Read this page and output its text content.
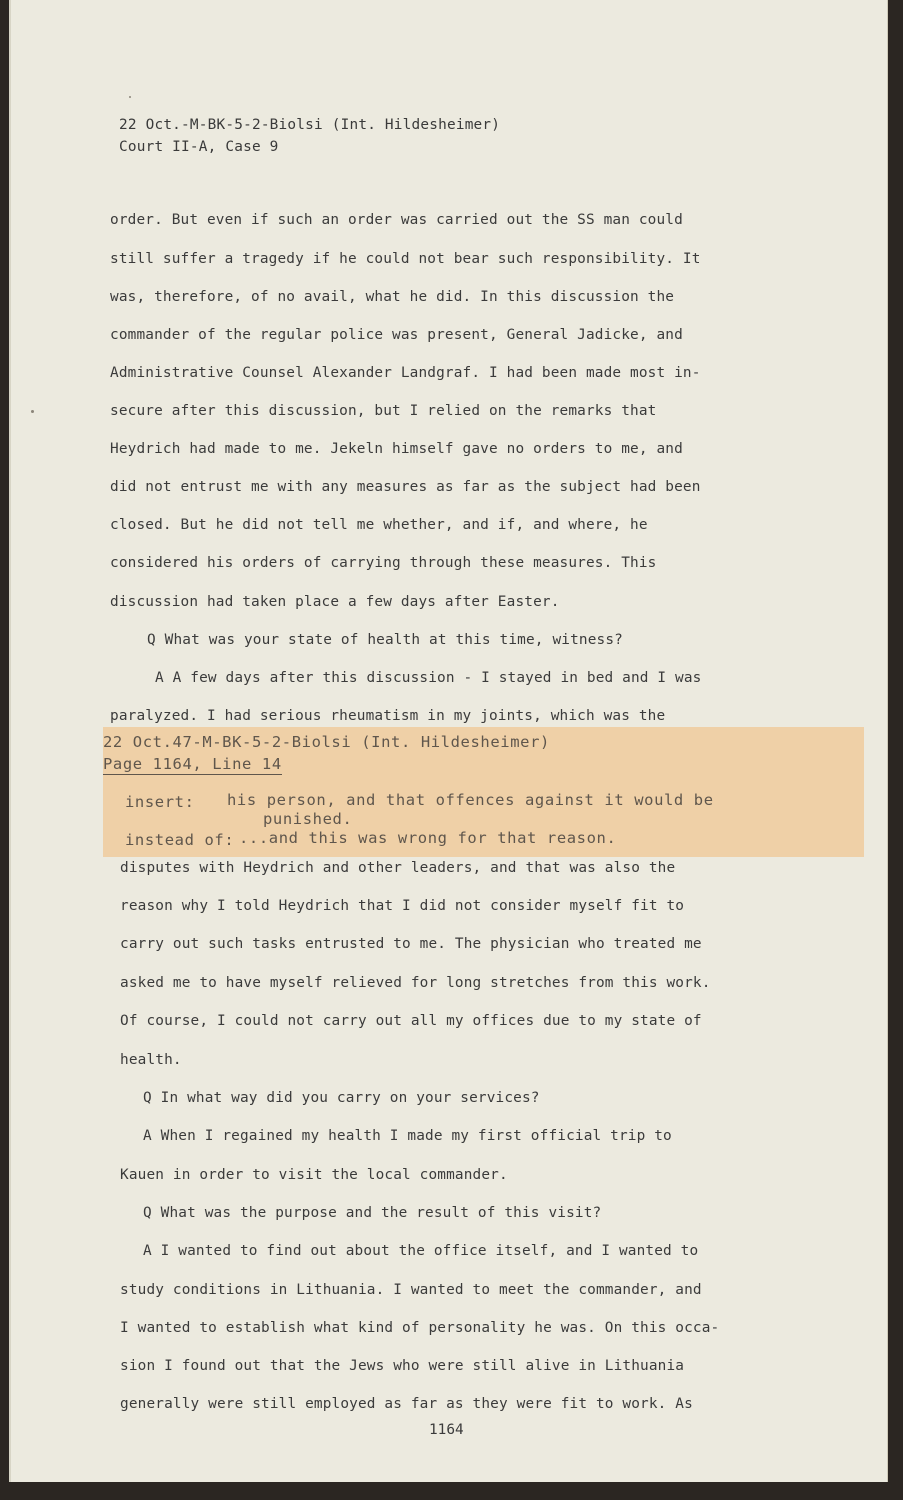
22 Oct.-M-BK-5-2-Biolsi (Int. Hildesheimer)
Court II-A, Case 9
order. But even if such an order was carried out the SS man could
still suffer a tragedy if he could not bear such responsibility. It
was, therefore, of no avail, what he did. In this discussion the
commander of the regular police was present, General Jadicke, and
Administrative Counsel Alexander Landgraf. I had been made most in-
secure after this discussion, but I relied on the remarks that
Heydrich had made to me. Jekeln himself gave no orders to me, and
did not entrust me with any measures as far as the subject had been
closed. But he did not tell me whether, and if, and where, he
considered his orders of carrying through these measures. This
discussion had taken place a few days after Easter.
Q What was your state of health at this time, witness?
A A few days after this discussion - I stayed in bed and I was
paralyzed. I had serious rheumatism in my joints, which was the
22 Oct.47-M-BK-5-2-Biolsi (Int. Hildesheimer)
Page 1164, Line 14
insert: his person, and that offences against it would be
punished.
instead of: ...and this was wrong for that reason.
disputes with Heydrich and other leaders, and that was also the
reason why I told Heydrich that I did not consider myself fit to
carry out such tasks entrusted to me. The physician who treated me
asked me to have myself relieved for long stretches from this work.
Of course, I could not carry out all my offices due to my state of
health.
Q In what way did you carry on your services?
A When I regained my health I made my first official trip to
Kauen in order to visit the local commander.
Q What was the purpose and the result of this visit?
A I wanted to find out about the office itself, and I wanted to
study conditions in Lithuania. I wanted to meet the commander, and
I wanted to establish what kind of personality he was. On this occa-
sion I found out that the Jews who were still alive in Lithuania
generally were still employed as far as they were fit to work. As
1164
